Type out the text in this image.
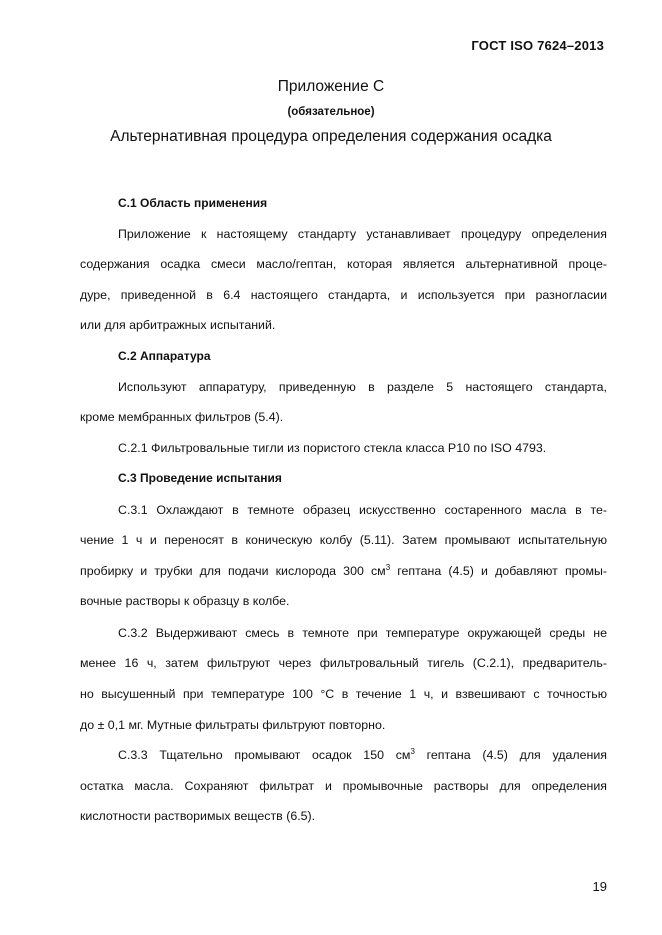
ГОСТ ISO 7624–2013
Приложение С
(обязательное)
Альтернативная процедура определения содержания осадка
С.1 Область применения
Приложение к настоящему стандарту устанавливает процедуру определения
содержания осадка смеси масло/гептан, которая является альтернативной проце-
дуре, приведенной в 6.4 настоящего стандарта, и используется при разногласии
или для арбитражных испытаний.
С.2 Аппаратура
Используют аппаратуру, приведенную в разделе 5 настоящего стандарта,
кроме мембранных фильтров (5.4).
С.2.1 Фильтровальные тигли из пористого стекла класса Р10 по ISO 4793.
С.3 Проведение испытания
С.3.1 Охлаждают в темноте образец искусственно состаренного масла в те-
чение 1 ч и переносят в коническую колбу (5.11). Затем промывают испытательную
пробирку и трубки для подачи кислорода 300 $см^3$ гептана (4.5) и добавляют промы-
вочные растворы к образцу в колбе.
С.3.2 Выдерживают смесь в темноте при температуре окружающей среды не
менее 16 ч, затем фильтруют через фильтровальный тигель (С.2.1), предваритель-
но высушенный при температуре 100 °С в течение 1 ч, и взвешивают с точностью
до ± 0,1 мг. Мутные фильтраты фильтруют повторно.
С.3.3 Тщательно промывают осадок 150 $см^3$ гептана (4.5) для удаления
остатка масла. Сохраняют фильтрат и промывочные растворы для определения
кислотности растворимых веществ (6.5).
19
